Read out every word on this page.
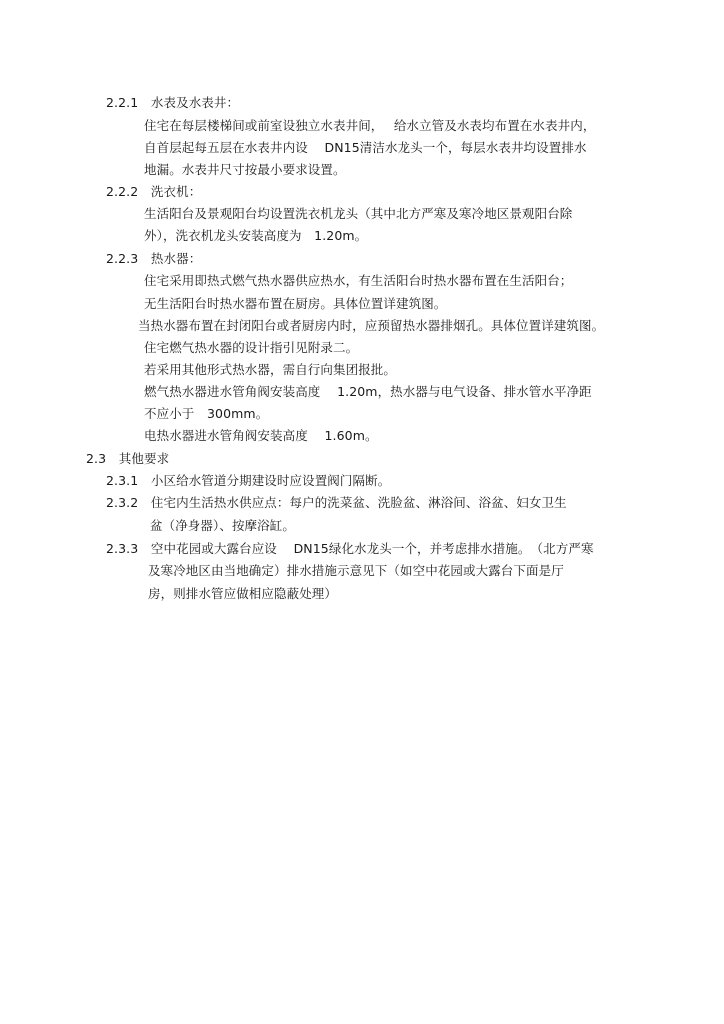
2.2.1　水表及水表井：
住宅在每层楼梯间或前室设独立水表井间，　 给水立管及水表均布置在水表井内，
自首层起每五层在水表井内设　 DN15清洁水龙头一个，每层水表井均设置排水
地漏。水表井尺寸按最小要求设置。
2.2.2　洗衣机：
生活阳台及景观阳台均设置洗衣机龙头（其中北方严寒及寒冷地区景观阳台除
外），洗衣机龙头安装高度为　1.20m。
2.2.3　热水器：
住宅采用即热式燃气热水器供应热水，有生活阳台时热水器布置在生活阳台；
无生活阳台时热水器布置在厨房。具体位置详建筑图。
当热水器布置在封闭阳台或者厨房内时，应预留热水器排烟孔。具体位置详建筑图。
住宅燃气热水器的设计指引见附录二。
若采用其他形式热水器，需自行向集团报批。
燃气热水器进水管角阀安装高度　 1.20m，热水器与电气设备、排水管水平净距
不应小于　300mm。
电热水器进水管角阀安装高度　 1.60m。
2.3　其他要求
2.3.1　小区给水管道分期建设时应设置阀门隔断。
2.3.2　住宅内生活热水供应点：每户的洗菜盆、洗脸盆、淋浴间、浴盆、妇女卫生
盆（净身器）、按摩浴缸。
2.3.3　空中花园或大露台应设　 DN15绿化水龙头一个，并考虑排水措施。　（北方严寒
及寒冷地区由当地确定）排水措施示意见下（如空中花园或大露台下面是厅
房，则排水管应做相应隐蔽处理）
